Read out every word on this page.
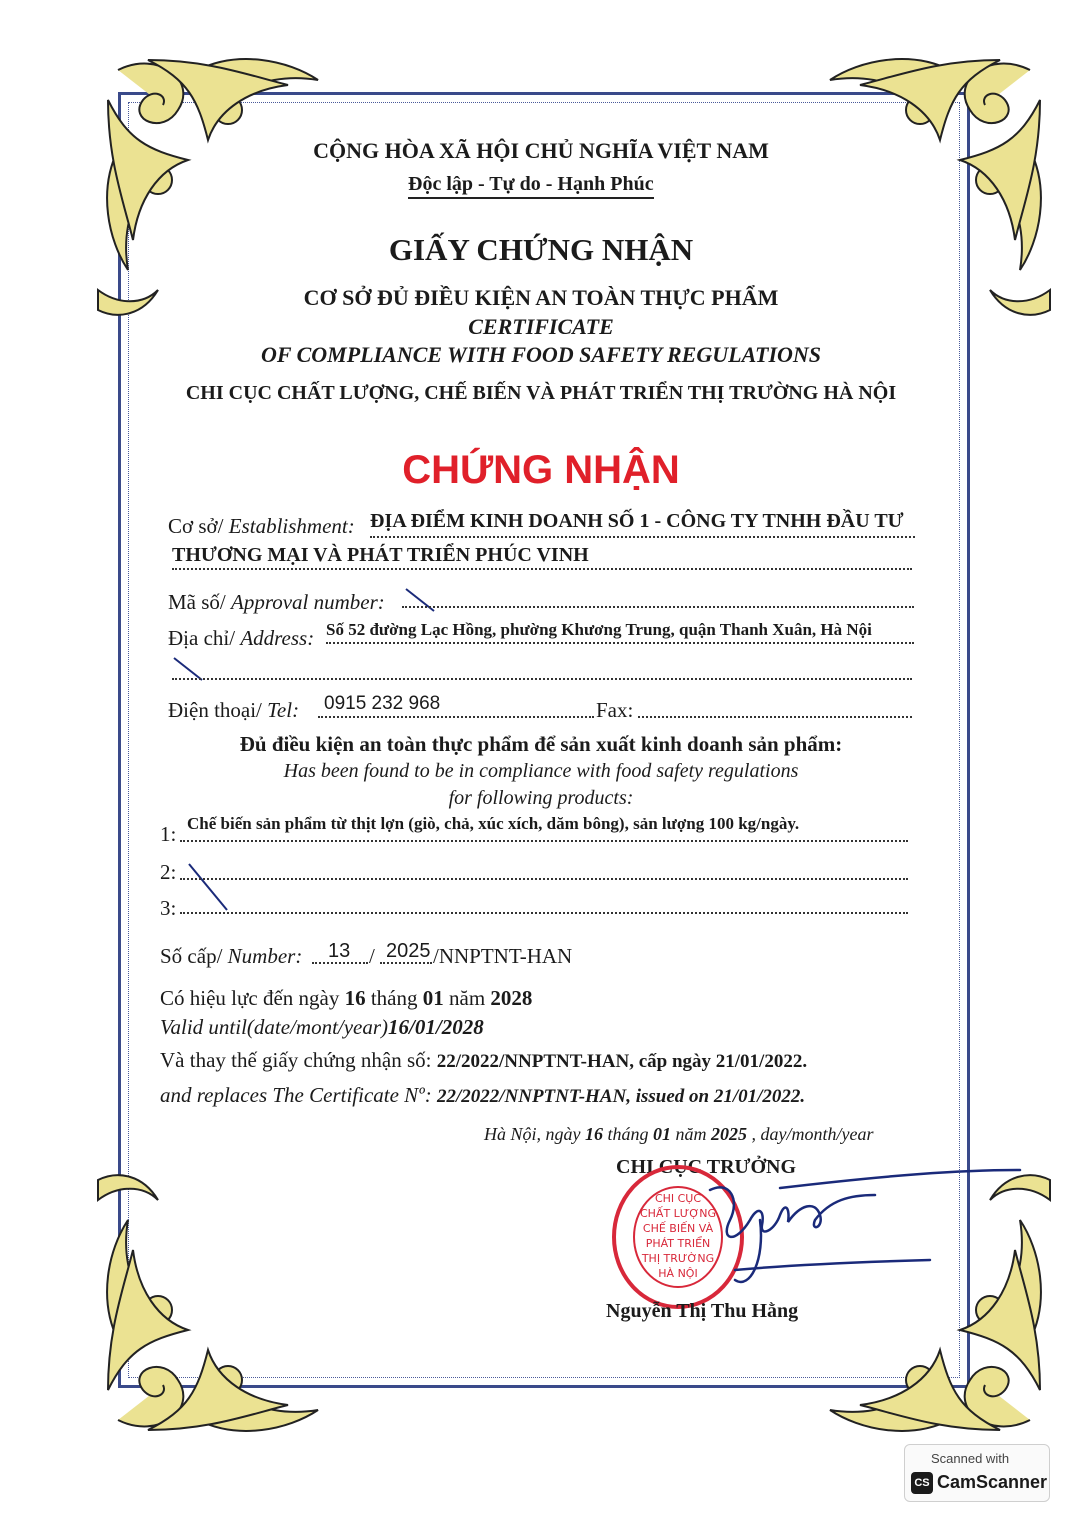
CỘNG HÒA XÃ HỘI CHỦ NGHĨA VIỆT NAM
Độc lập - Tự do - Hạnh Phúc
GIẤY CHỨNG NHẬN
CƠ SỞ ĐỦ ĐIỀU KIỆN AN TOÀN THỰC PHẨM
CERTIFICATE
OF COMPLIANCE WITH FOOD SAFETY REGULATIONS
CHI CỤC CHẤT LƯỢNG, CHẾ BIẾN VÀ PHÁT TRIỂN THỊ TRƯỜNG HÀ NỘI
CHỨNG NHẬN
Cơ sở/ Establishment: ĐỊA ĐIỂM KINH DOANH SỐ 1 - CÔNG TY TNHH ĐẦU TƯ
THƯƠNG MẠI VÀ PHÁT TRIỂN PHÚC VINH
Mã số/ Approval number:
Địa chỉ/ Address: Số 52 đường Lạc Hồng, phường Khương Trung, quận Thanh Xuân, Hà Nội
Điện thoại/ Tel: 0915 232 968	Fax:
Đủ điều kiện an toàn thực phẩm để sản xuất kinh doanh sản phẩm:
Has been found to be in compliance with food safety regulations
for following products:
1: Chế biến sản phẩm từ thịt lợn (giò, chả, xúc xích, dăm bông), sản lượng 100 kg/ngày.
2:
3:
Số cấp/ Number: 13 / 2025 /NNPTNT-HAN
Có hiệu lực đến ngày 16 tháng 01 năm 2028
Valid until(date/mont/year)16/01/2028
Và thay thế giấy chứng nhận số: 22/2022/NNPTNT-HAN, cấp ngày 21/01/2022.
and replaces The Certificate Nº: 22/2022/NNPTNT-HAN, issued on 21/01/2022.
Hà Nội, ngày 16 tháng 01 năm 2025 , day/month/year
CHI CỤC TRƯỞNG
CHI CỤC
CHẤT LƯỢNG
CHẾ BIẾN VÀ
PHÁT TRIỂN
THỊ TRƯỜNG
HÀ NỘI
Nguyễn Thị Thu Hằng
Scanned with
CS CamScanner
